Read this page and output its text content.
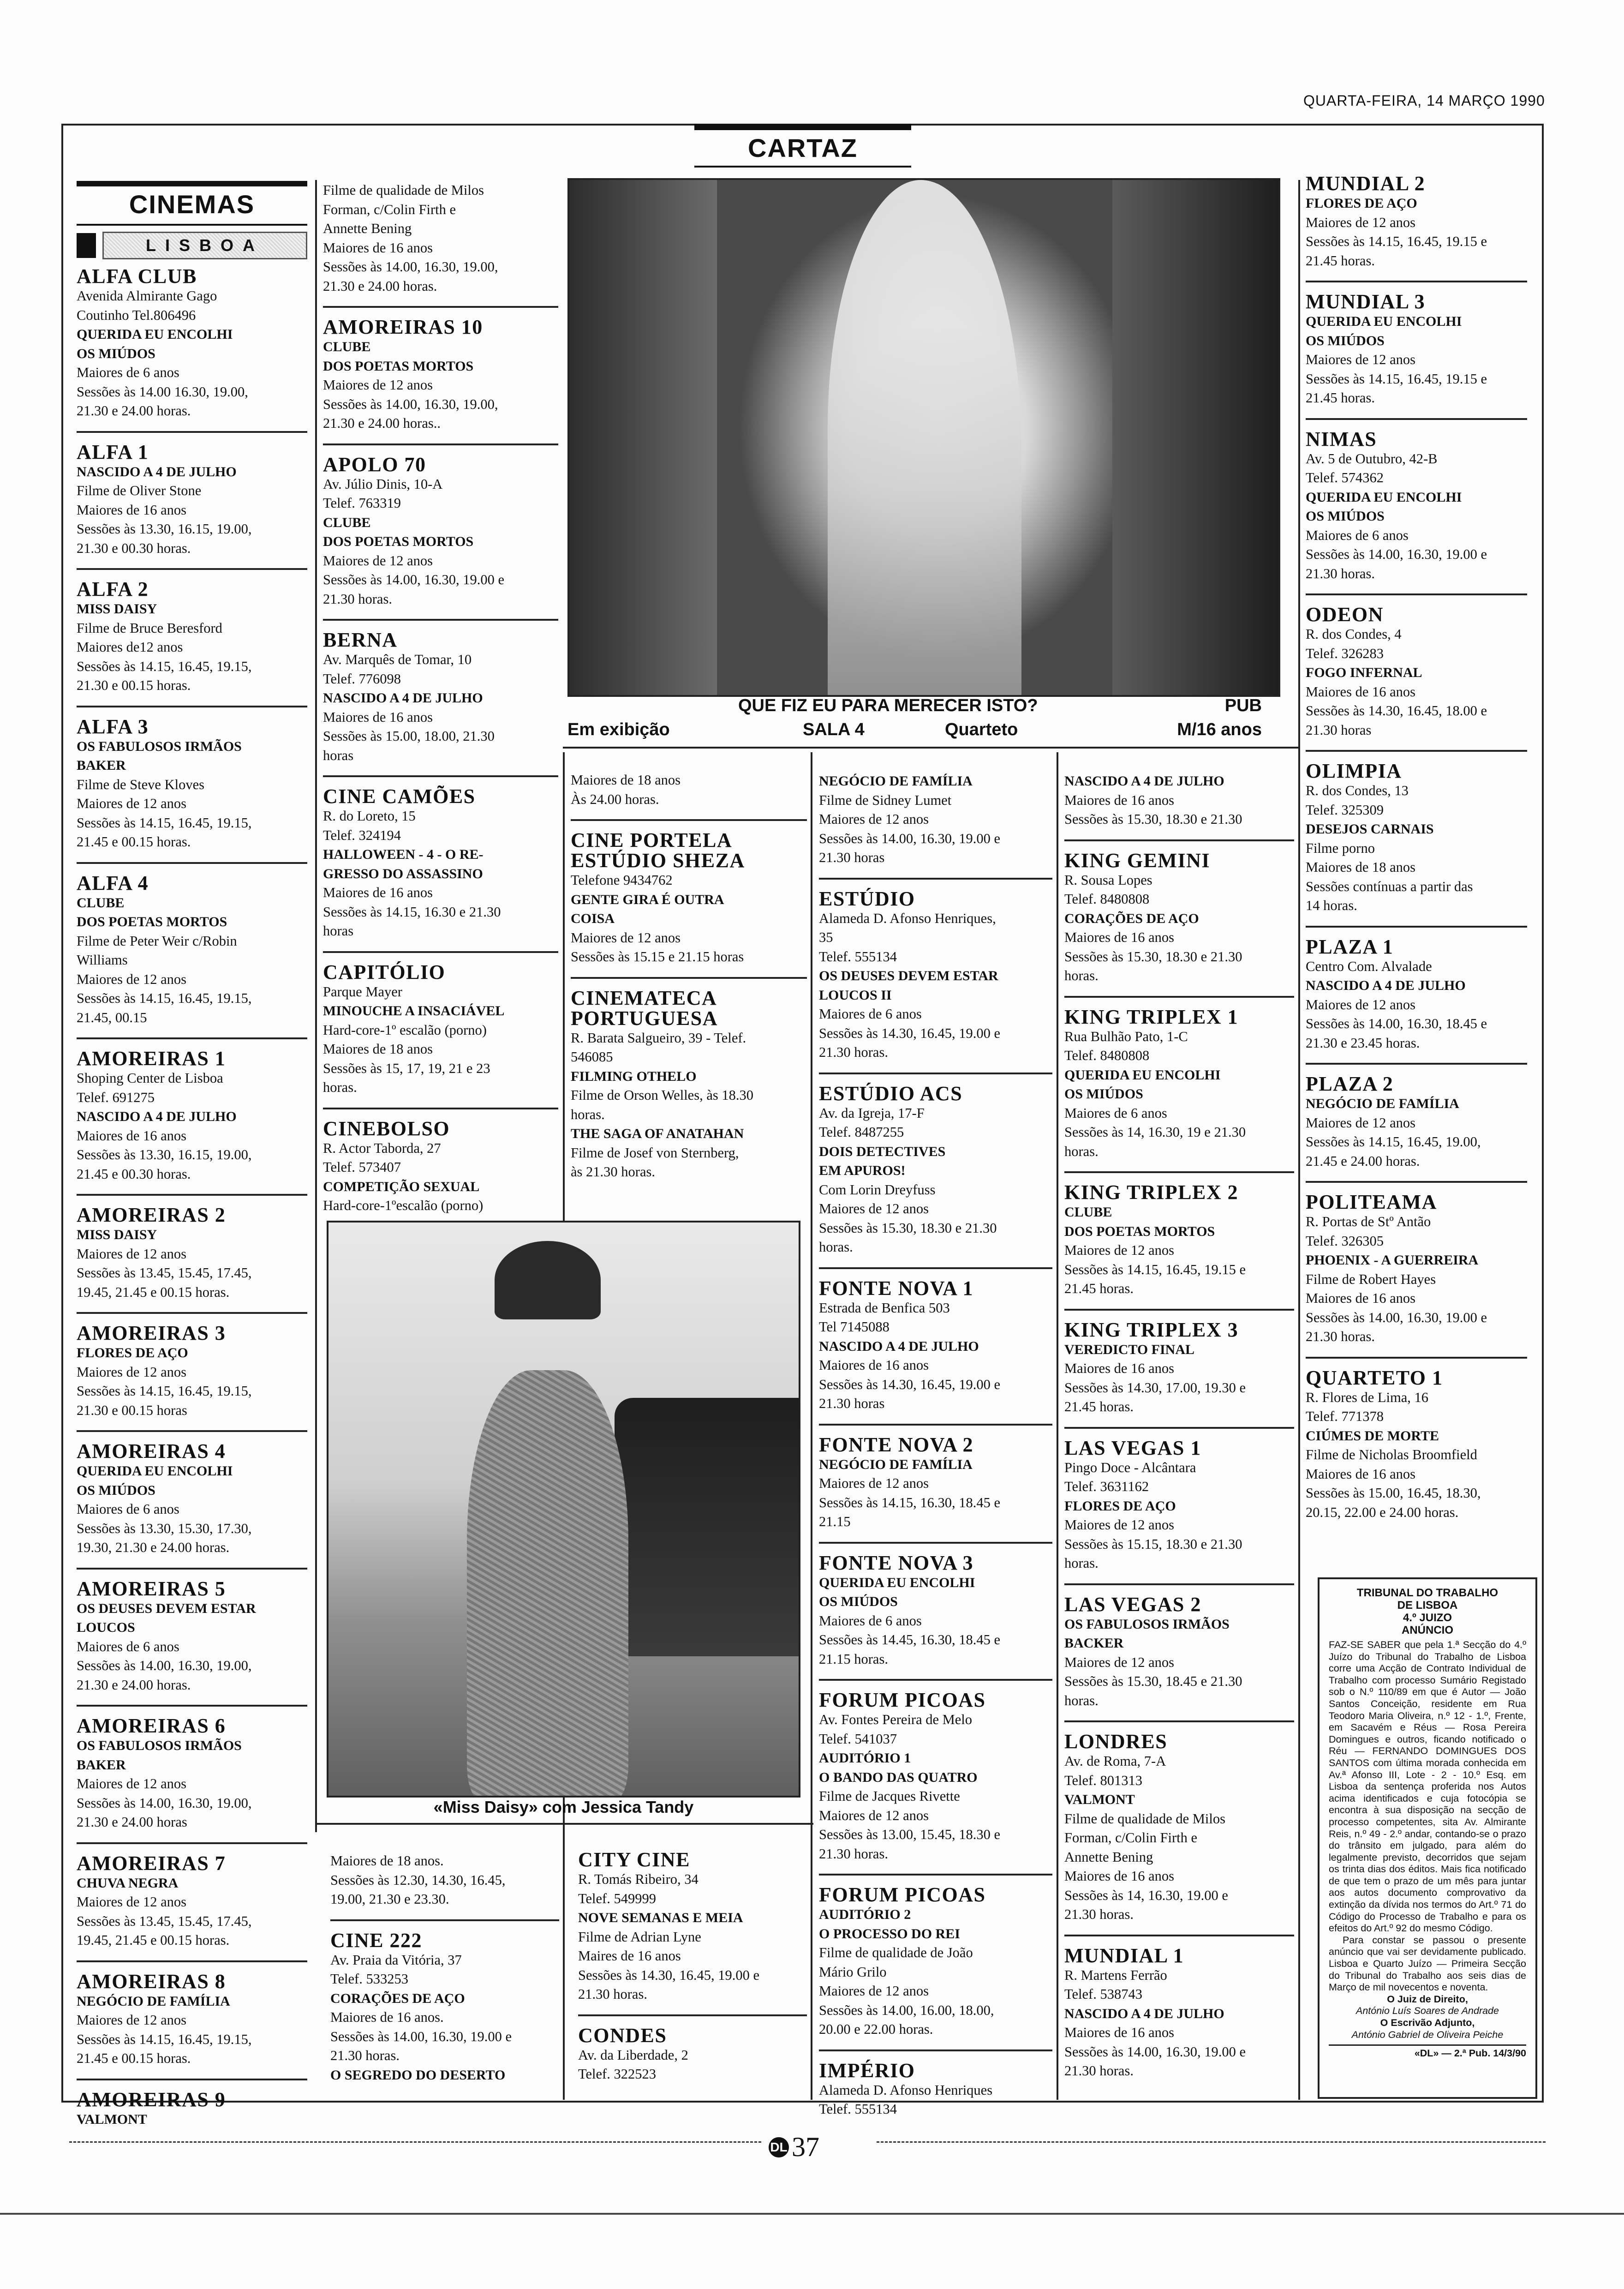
QUARTA-FEIRA, 14 MARÇO 1990
CARTAZ
CINEMAS
LISBOA
ALFA CLUB
Avenida Almirante Gago
Coutinho Tel.806496
QUERIDA EU ENCOLHI
OS MIÚDOS
Maiores de 6 anos
Sessões às 14.00 16.30, 19.00,
21.30 e 24.00 horas.
ALFA 1
NASCIDO A 4 DE JULHO
Filme de Oliver Stone
Maiores de 16 anos
Sessões às 13.30, 16.15, 19.00,
21.30 e 00.30 horas.
ALFA 2
MISS DAISY
Filme de Bruce Beresford
Maiores de12 anos
Sessões às 14.15, 16.45, 19.15,
21.30 e 00.15 horas.
ALFA 3
OS FABULOSOS IRMÃOS
BAKER
Filme de Steve Kloves
Maiores de 12 anos
Sessões às 14.15, 16.45, 19.15,
21.45 e 00.15 horas.
ALFA 4
CLUBE
DOS POETAS MORTOS
Filme de Peter Weir c/Robin
Williams
Maiores de 12 anos
Sessões às 14.15, 16.45, 19.15,
21.45, 00.15
AMOREIRAS 1
Shoping Center de Lisboa
Telef. 691275
NASCIDO A 4 DE JULHO
Maiores de 16 anos
Sessões às 13.30, 16.15, 19.00,
21.45 e 00.30 horas.
AMOREIRAS 2
MISS DAISY
Maiores de 12 anos
Sessões às 13.45, 15.45, 17.45,
19.45, 21.45 e 00.15 horas.
AMOREIRAS 3
FLORES DE AÇO
Maiores de 12 anos
Sessões às 14.15, 16.45, 19.15,
21.30 e 00.15 horas
AMOREIRAS 4
QUERIDA EU ENCOLHI
OS MIÚDOS
Maiores de 6 anos
Sessões às 13.30, 15.30, 17.30,
19.30, 21.30 e 24.00 horas.
AMOREIRAS 5
OS DEUSES DEVEM ESTAR
LOUCOS
Maiores de 6 anos
Sessões às 14.00, 16.30, 19.00,
21.30 e 24.00 horas.
AMOREIRAS 6
OS FABULOSOS IRMÃOS
BAKER
Maiores de 12 anos
Sessões às 14.00, 16.30, 19.00,
21.30 e 24.00 horas
AMOREIRAS 7
CHUVA NEGRA
Maiores de 12 anos
Sessões às 13.45, 15.45, 17.45,
19.45, 21.45 e 00.15 horas.
AMOREIRAS 8
NEGÓCIO DE FAMÍLIA
Maiores de 12 anos
Sessões às 14.15, 16.45, 19.15,
21.45 e 00.15 horas.
AMOREIRAS 9
VALMONT
Filme de qualidade de Milos
Forman, c/Colin Firth e
Annette Bening
Maiores de 16 anos
Sessões às 14.00, 16.30, 19.00,
21.30 e 24.00 horas.
AMOREIRAS 10
CLUBE
DOS POETAS MORTOS
Maiores de 12 anos
Sessões às 14.00, 16.30, 19.00,
21.30 e 24.00 horas..
APOLO 70
Av. Júlio Dinis, 10-A
Telef. 763319
CLUBE
DOS POETAS MORTOS
Maiores de 12 anos
Sessões às 14.00, 16.30, 19.00 e
21.30 horas.
BERNA
Av. Marquês de Tomar, 10
Telef. 776098
NASCIDO A 4 DE JULHO
Maiores de 16 anos
Sessões às 15.00, 18.00, 21.30
horas
CINE CAMÕES
R. do Loreto, 15
Telef. 324194
HALLOWEEN - 4 - O RE-
GRESSO DO ASSASSINO
Maiores de 16 anos
Sessões às 14.15, 16.30 e 21.30
horas
CAPITÓLIO
Parque Mayer
MINOUCHE A INSACIÁVEL
Hard-core-1º escalão (porno)
Maiores de 18 anos
Sessões às 15, 17, 19, 21 e 23
horas.
CINEBOLSO
R. Actor Taborda, 27
Telef. 573407
COMPETIÇÃO SEXUAL
Hard-core-1ºescalão (porno)
QUE FIZ EU PARA MERECER ISTO?	PUB
Em exibição	SALA 4	Quarteto	M/16 anos
Maiores de 18 anos
Às 24.00 horas.
CINE PORTELA
ESTÚDIO SHEZA
Telefone 9434762
GENTE GIRA É OUTRA
COISA
Maiores de 12 anos
Sessões às 15.15 e 21.15 horas
CINEMATECA
PORTUGUESA
R. Barata Salgueiro, 39 - Telef.
546085
FILMING OTHELO
Filme de Orson Welles, às 18.30
horas.
THE SAGA OF ANATAHAN
Filme de Josef von Sternberg,
às 21.30 horas.
«Miss Daisy» com Jessica Tandy
Maiores de 18 anos.
Sessões às 12.30, 14.30, 16.45,
19.00, 21.30 e 23.30.
CINE 222
Av. Praia da Vitória, 37
Telef. 533253
CORAÇÕES DE AÇO
Maiores de 16 anos.
Sessões às 14.00, 16.30, 19.00 e
21.30 horas.
O SEGREDO DO DESERTO
CITY CINE
R. Tomás Ribeiro, 34
Telef. 549999
NOVE SEMANAS E MEIA
Filme de Adrian Lyne
Maires de 16 anos
Sessões às 14.30, 16.45, 19.00 e
21.30 horas.
CONDES
Av. da Liberdade, 2
Telef. 322523
NEGÓCIO DE FAMÍLIA
Filme de Sidney Lumet
Maiores de 12 anos
Sessões às 14.00, 16.30, 19.00 e
21.30 horas
ESTÚDIO
Alameda D. Afonso Henriques,
35
Telef. 555134
OS DEUSES DEVEM ESTAR
LOUCOS II
Maiores de 6 anos
Sessões às 14.30, 16.45, 19.00 e
21.30 horas.
ESTÚDIO ACS
Av. da Igreja, 17-F
Telef. 8487255
DOIS DETECTIVES
EM APUROS!
Com Lorin Dreyfuss
Maiores de 12 anos
Sessões às 15.30, 18.30 e 21.30
horas.
FONTE NOVA 1
Estrada de Benfica 503
Tel 7145088
NASCIDO A 4 DE JULHO
Maiores de 16 anos
Sessões às 14.30, 16.45, 19.00 e
21.30 horas
FONTE NOVA 2
NEGÓCIO DE FAMÍLIA
Maiores de 12 anos
Sessões às 14.15, 16.30, 18.45 e
21.15
FONTE NOVA 3
QUERIDA EU ENCOLHI
OS MIÚDOS
Maiores de 6 anos
Sessões às 14.45, 16.30, 18.45 e
21.15 horas.
FORUM PICOAS
Av. Fontes Pereira de Melo
Telef. 541037
AUDITÓRIO 1
O BANDO DAS QUATRO
Filme de Jacques Rivette
Maiores de 12 anos
Sessões às 13.00, 15.45, 18.30 e
21.30 horas.
FORUM PICOAS
AUDITÓRIO 2
O PROCESSO DO REI
Filme de qualidade de João
Mário Grilo
Maiores de 12 anos
Sessões às 14.00, 16.00, 18.00,
20.00 e 22.00 horas.
IMPÉRIO
Alameda D. Afonso Henriques
Telef. 555134
NASCIDO A 4 DE JULHO
Maiores de 16 anos
Sessões às 15.30, 18.30 e 21.30
KING GEMINI
R. Sousa Lopes
Telef. 8480808
CORAÇÕES DE AÇO
Maiores de 16 anos
Sessões às 15.30, 18.30 e 21.30
horas.
KING TRIPLEX 1
Rua Bulhão Pato, 1-C
Telef. 8480808
QUERIDA EU ENCOLHI
OS MIÚDOS
Maiores de 6 anos
Sessões às 14, 16.30, 19 e 21.30
horas.
KING TRIPLEX 2
CLUBE
DOS POETAS MORTOS
Maiores de 12 anos
Sessões às 14.15, 16.45, 19.15 e
21.45 horas.
KING TRIPLEX 3
VEREDICTO FINAL
Maiores de 16 anos
Sessões às 14.30, 17.00, 19.30 e
21.45 horas.
LAS VEGAS 1
Pingo Doce - Alcântara
Telef. 3631162
FLORES DE AÇO
Maiores de 12 anos
Sessões às 15.15, 18.30 e 21.30
horas.
LAS VEGAS 2
OS FABULOSOS IRMÃOS
BACKER
Maiores de 12 anos
Sessões às 15.30, 18.45 e 21.30
horas.
LONDRES
Av. de Roma, 7-A
Telef. 801313
VALMONT
Filme de qualidade de Milos
Forman, c/Colin Firth e
Annette Bening
Maiores de 16 anos
Sessões às 14, 16.30, 19.00 e
21.30 horas.
MUNDIAL 1
R. Martens Ferrão
Telef. 538743
NASCIDO A 4 DE JULHO
Maiores de 16 anos
Sessões às 14.00, 16.30, 19.00 e
21.30 horas.
MUNDIAL 2
FLORES DE AÇO
Maiores de 12 anos
Sessões às 14.15, 16.45, 19.15 e
21.45 horas.
MUNDIAL 3
QUERIDA EU ENCOLHI
OS MIÚDOS
Maiores de 12 anos
Sessões às 14.15, 16.45, 19.15 e
21.45 horas.
NIMAS
Av. 5 de Outubro, 42-B
Telef. 574362
QUERIDA EU ENCOLHI
OS MIÚDOS
Maiores de 6 anos
Sessões às 14.00, 16.30, 19.00 e
21.30 horas.
ODEON
R. dos Condes, 4
Telef. 326283
FOGO INFERNAL
Maiores de 16 anos
Sessões às 14.30, 16.45, 18.00 e
21.30 horas
OLIMPIA
R. dos Condes, 13
Telef. 325309
DESEJOS CARNAIS
Filme porno
Maiores de 18 anos
Sessões contínuas a partir das
14 horas.
PLAZA 1
Centro Com. Alvalade
NASCIDO A 4 DE JULHO
Maiores de 12 anos
Sessões às 14.00, 16.30, 18.45 e
21.30 e 23.45 horas.
PLAZA 2
NEGÓCIO DE FAMÍLIA
Maiores de 12 anos
Sessões às 14.15, 16.45, 19.00,
21.45 e 24.00 horas.
POLITEAMA
R. Portas de Stº Antão
Telef. 326305
PHOENIX - A GUERREIRA
Filme de Robert Hayes
Maiores de 16 anos
Sessões às 14.00, 16.30, 19.00 e
21.30 horas.
QUARTETO 1
R. Flores de Lima, 16
Telef. 771378
CIÚMES DE MORTE
Filme de Nicholas Broomfield
Maiores de 16 anos
Sessões às 15.00, 16.45, 18.30,
20.15, 22.00 e 24.00 horas.
TRIBUNAL DO TRABALHO
DE LISBOA
4.º JUIZO
ANÚNCIO
FAZ-SE SABER que pela 1.ª Secção do 4.º Juízo do Tribunal do Trabalho de Lisboa corre uma Acção de Contrato Individual de Trabalho com processo Sumário Registado sob o N.º 110/89 em que é Autor — João Santos Conceição, residente em Rua Teodoro Maria Oliveira, n.º 12 - 1.º, Frente, em Sacavém e Réus — Rosa Pereira Domingues e outros, ficando notificado o Réu — FERNANDO DOMINGUES DOS SANTOS com última morada conhecida em Av.ª Afonso III, Lote - 2 - 10.º Esq. em Lisboa da sentença proferida nos Autos acima identificados e cuja fotocópia se encontra à sua disposição na secção de processo competentes, sita Av. Almirante Reis, n.º 49 - 2.º andar, contando-se o prazo do trânsito em julgado, para além do legalmente previsto, decorridos que sejam os trinta dias dos éditos. Mais fica notificado de que tem o prazo de um mês para juntar aos autos documento comprovativo da extinção da dívida nos termos do Art.º 71 do Código do Processo de Trabalho e para os efeitos do Art.º 92 do mesmo Código.
Para constar se passou o presente anúncio que vai ser devidamente publicado. Lisboa e Quarto Juízo — Primeira Secção do Tribunal do Trabalho aos seis dias de Março de mil novecentos e noventa.
O Juiz de Direito,
António Luís Soares de Andrade
O Escrivão Adjunto,
António Gabriel de Oliveira Peiche
«DL» — 2.ª Pub. 14/3/90
DL 37
